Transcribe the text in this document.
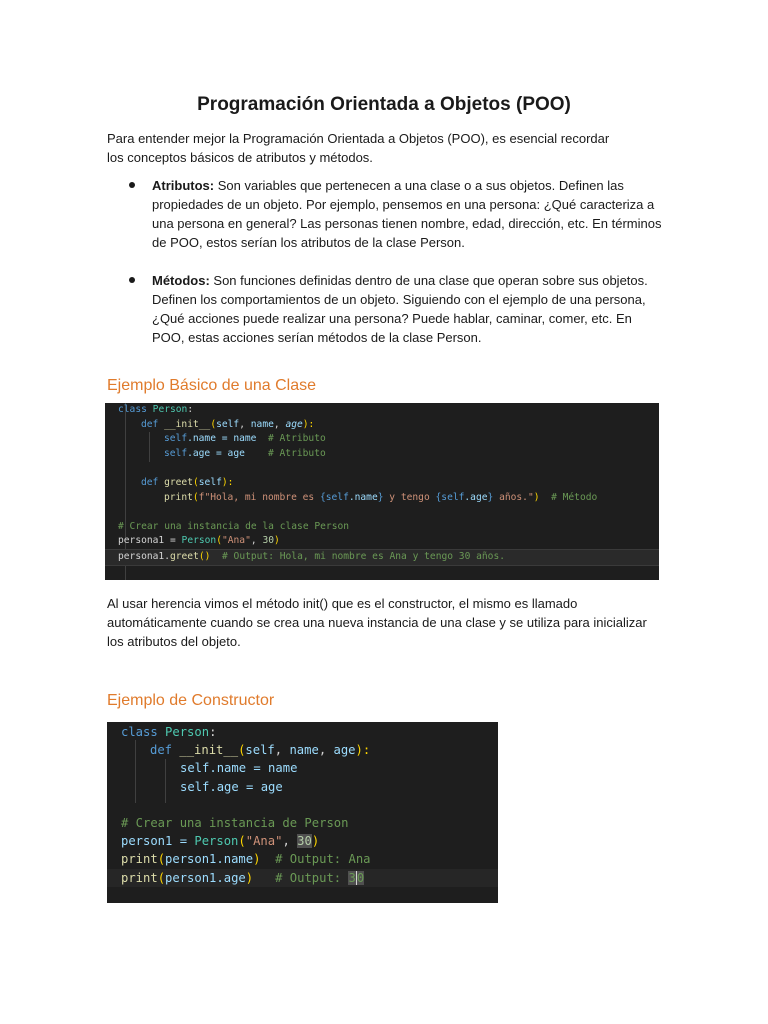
Programación Orientada a Objetos (POO)

Para entender mejor la Programación Orientada a Objetos (POO), es esencial recordar los conceptos básicos de atributos y métodos.

Atributos: Son variables que pertenecen a una clase o a sus objetos. Definen las propiedades de un objeto. Por ejemplo, pensemos en una persona: ¿Qué caracteriza a una persona en general? Las personas tienen nombre, edad, dirección, etc. En términos de POO, estos serían los atributos de la clase Person.
Métodos: Son funciones definidas dentro de una clase que operan sobre sus objetos. Definen los comportamientos de un objeto. Siguiendo con el ejemplo de una persona, ¿Qué acciones puede realizar una persona? Puede hablar, caminar, comer, etc. En POO, estas acciones serían métodos de la clase Person.
Ejemplo Básico de una Clase

class Person:

def __init__(self, name, age):

self.name = name  # Atributo

self.age = age    # Atributo

def greet(self):

print(f"Hola, mi nombre es {self.name} y tengo {self.age} años.")  # Método

# Crear una instancia de la clase Person

persona1 = Person("Ana", 30)

persona1.greet()  # Output: Hola, mi nombre es Ana y tengo 30 años.

Al usar herencia vimos el método init() que es el constructor, el mismo es llamado automáticamente cuando se crea una nueva instancia de una clase y se utiliza para inicializar los atributos del objeto.

Ejemplo de Constructor

class Person:

def __init__(self, name, age):

self.name = name

self.age = age

# Crear una instancia de Person

person1 = Person("Ana", 30)

print(person1.name)  # Output: Ana

print(person1.age)   # Output: 30
